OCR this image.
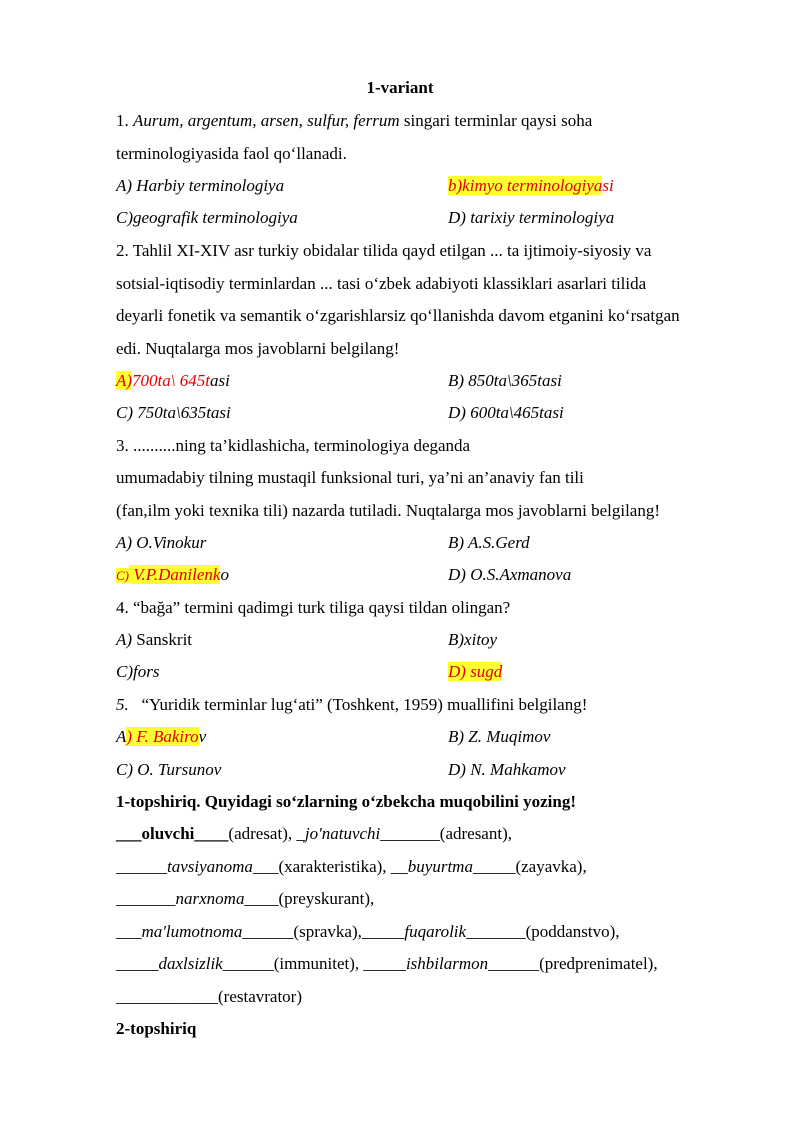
1-variant
1. Aurum, argentum, arsen, sulfur, ferrum singari terminlar qaysi soha
terminologiyasida faol qo‘llanadi.
A) Harbiy terminologiya	b)kimyo terminologiyasi
C)geografik terminologiya	D) tarixiy terminologiya
2. Tahlil XI-XIV asr turkiy obidalar tilida qayd etilgan ... ta ijtimoiy-siyosiy va
sotsial-iqtisodiy terminlardan ... tasi o‘zbek adabiyoti klassiklari asarlari tilida
deyarli fonetik va semantik o‘zgarishlarsiz qo‘llanishda davom etganini ko‘rsatgan
edi. Nuqtalarga mos javoblarni belgilang!
A)700ta\ 645tasi	B) 850ta\365tasi
C) 750ta\635tasi	D) 600ta\465tasi
3. ..........ning ta’kidlashicha, terminologiya deganda
umumadabiy tilning mustaqil funksional turi, ya’ni an’anaviy fan tili
(fan,ilm yoki texnika tili) nazarda tutiladi. Nuqtalarga mos javoblarni belgilang!
A) O.Vinokur	B) A.S.Gerd
C) V.P.Danilenko	D) O.S.Axmanova
4. “bağa” termini qadimgi turk tiliga qaysi tildan olingan?
A) Sanskrit	B)xitoy
C)fors	D) sugd
5.   “Yuridik terminlar lug‘ati” (Toshkent, 1959) muallifini belgilang!
A) F. Bakirov	B) Z. Muqimov
C) O. Tursunov	D) N. Mahkamov
1-topshiriq. Quyidagi so‘zlarning o‘zbekcha muqobilini yozing!
___oluvchi____(adresat), _jo'natuvchi_______(adresant),
______tavsiyanoma___(xarakteristika), __buyurtma_____(zayavka),
_______narxnoma____(preyskurant),
___ma'lumotnoma______(spravka),_____fuqarolik_______(poddanstvo),
_____daxlsizlik______(immunitet), _____ishbilarmon______(predprenimatel),
____________(restavrator)
2-topshiriq
